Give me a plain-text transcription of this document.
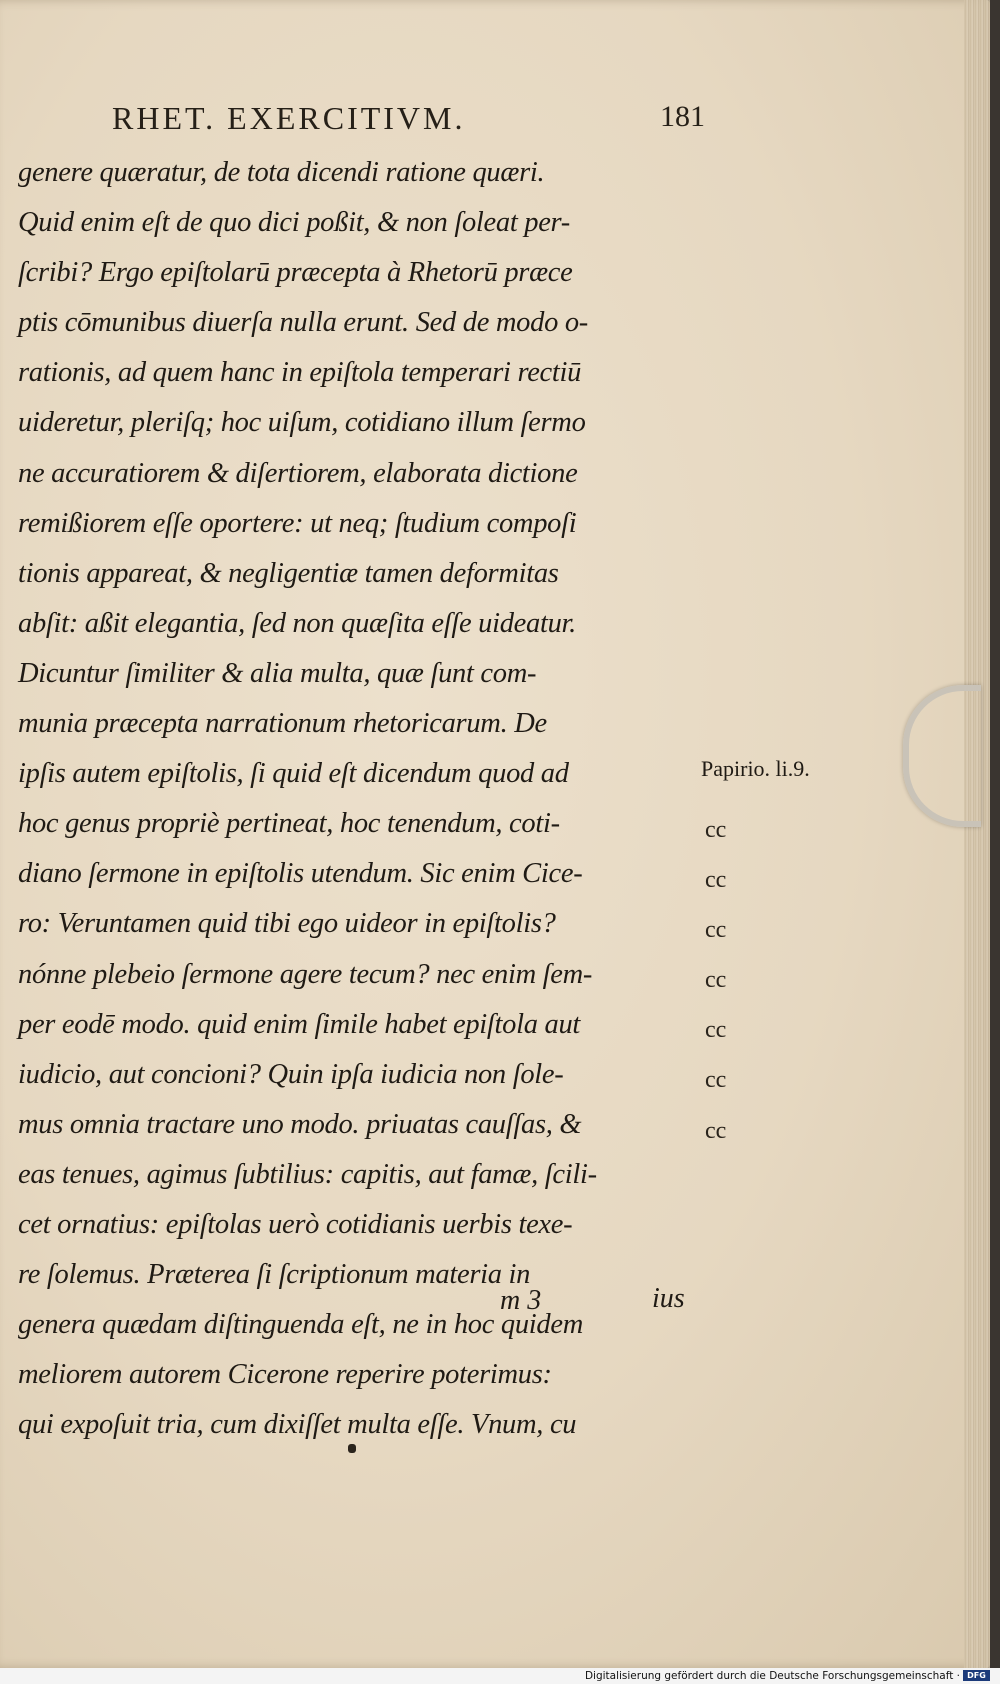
RHET. EXERCITIVM.	181
genere quæratur, de tota dicendi ratione quæri.
Quid enim eſt de quo dici poßit, & non ſoleat per-
ſcribi? Ergo epiſtolarū præcepta à Rhetorū præce
ptis cōmunibus diuerſa nulla erunt. Sed de modo o-
rationis, ad quem hanc in epiſtola temperari rectiū
uideretur, pleriſq; hoc uiſum, cotidiano illum ſermo
ne accuratiorem & diſertiorem, elaborata dictione
remißiorem eſſe oportere: ut neq; ſtudium compoſi
tionis appareat, & negligentiæ tamen deformitas
abſit: aßit elegantia, ſed non quæſita eſſe uideatur.
Dicuntur ſimiliter & alia multa, quæ ſunt com-
munia præcepta narrationum rhetoricarum. De
ipſis autem epiſtolis, ſi quid eſt dicendum quod ad
hoc genus propriè pertineat, hoc tenendum, coti-
diano ſermone in epiſtolis utendum. Sic enim Cice-
ro: Veruntamen quid tibi ego uideor in epiſtolis?
nónne plebeio ſermone agere tecum? nec enim ſem-
per eodē modo. quid enim ſimile habet epiſtola aut
iudicio, aut concioni? Quin ipſa iudicia non ſole-
mus omnia tractare uno modo. priuatas cauſſas, &
eas tenues, agimus ſubtilius: capitis, aut famæ, ſcili-
cet ornatius: epiſtolas uerò cotidianis uerbis texe-
re ſolemus. Præterea ſi ſcriptionum materia in
genera quædam diſtinguenda eſt, ne in hoc quidem
meliorem autorem Cicerone reperire poterimus:
qui expoſuit tria, cum dixiſſet multa eſſe. Vnum, cu
Papirio. li.9.
cc
cc
cc
cc
cc
cc
cc
m 3	ius
Digitalisierung gefördert durch die Deutsche Forschungsgemeinschaft · DFG
